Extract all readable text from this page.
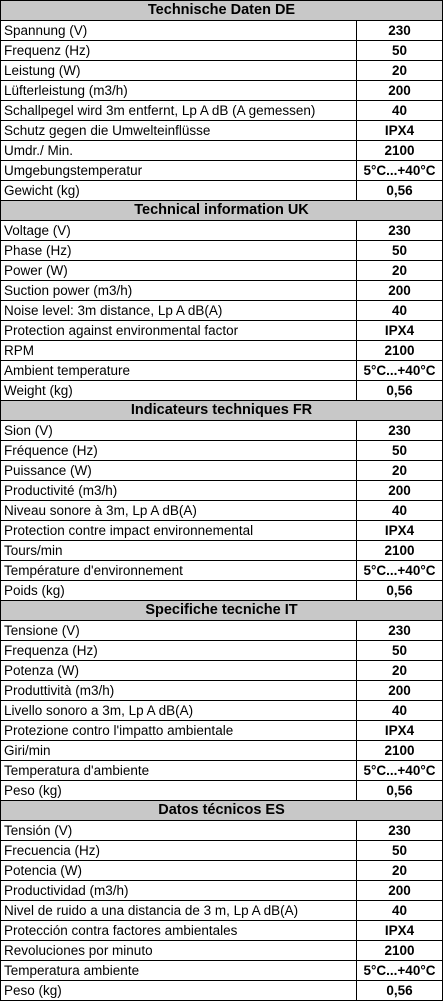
Technische Daten DE	
Spannung (V)	230
Frequenz (Hz)	50
Leistung (W)	20
Lüfterleistung (m3/h)	200
Schallpegel wird 3m entfernt, Lp A dB (A gemessen)	40
Schutz gegen die Umwelteinflüsse	IPX4
Umdr./ Min.	2100
Umgebungstemperatur	5°C...+40°C
Gewicht (kg)	0,56
Technical information UK	
Voltage (V)	230
Phase (Hz)	50
Power (W)	20
Suction power (m3/h)	200
Noise level: 3m distance, Lp A dB(A)	40
Protection against environmental factor	IPX4
RPM	2100
Ambient temperature	5°C...+40°C
Weight (kg)	0,56
Indicateurs techniques FR	
Sion (V)	230
Fréquence (Hz)	50
Puissance (W)	20
Productivité (m3/h)	200
Niveau sonore à 3m, Lp A dB(A)	40
Protection contre impact environnemental	IPX4
Tours/min	2100
Température d'environnement	5°C...+40°C
Poids (kg)	0,56
Specifiche tecniche IT	
Tensione (V)	230
Frequenza (Hz)	50
Potenza (W)	20
Produttività (m3/h)	200
Livello sonoro a 3m, Lp A dB(A)	40
Protezione contro l'impatto ambientale	IPX4
Giri/min	2100
Temperatura d'ambiente	5°C...+40°C
Peso (kg)	0,56
Datos técnicos ES	
Tensión (V)	230
Frecuencia (Hz)	50
Potencia (W)	20
Productividad (m3/h)	200
Nivel de ruido a una distancia de 3 m, Lp A dB(A)	40
Protección contra factores ambientales	IPX4
Revoluciones por minuto	2100
Temperatura ambiente	5°C...+40°C
Peso (kg)	0,56
